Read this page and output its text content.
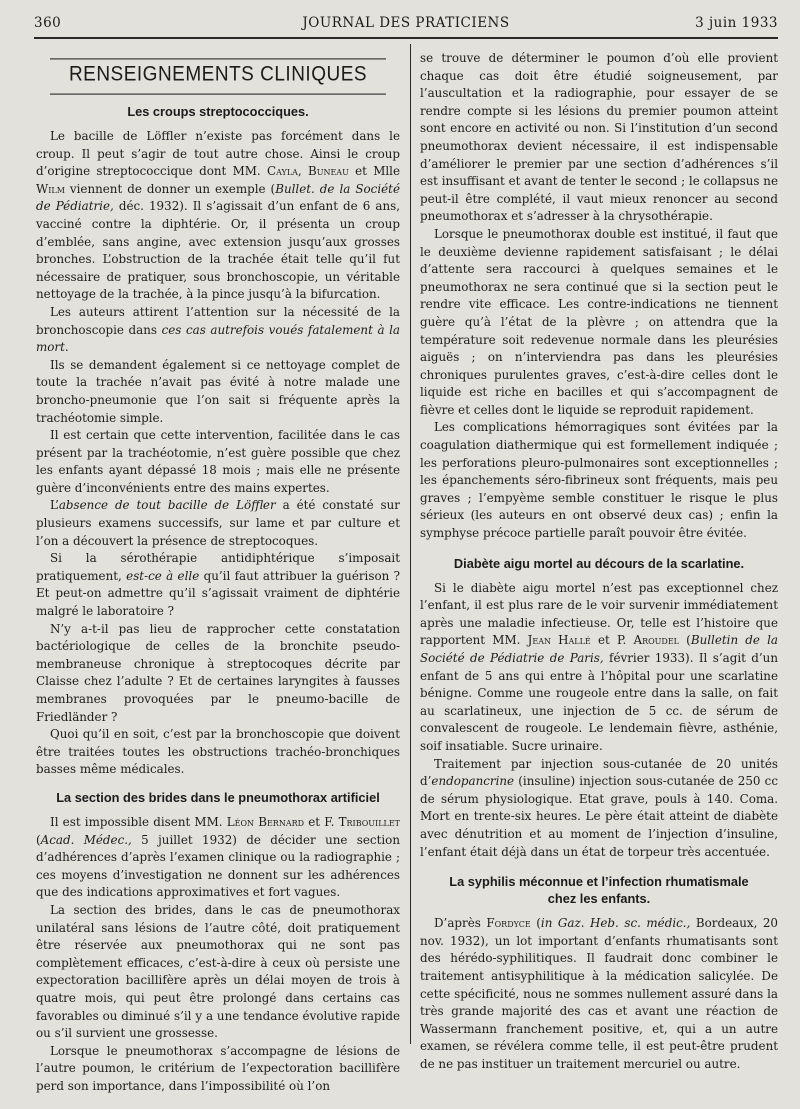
360	JOURNAL DES PRATICIENS	3 juin 1933
RENSEIGNEMENTS CLINIQUES
Les croups streptococciques.

Le bacille de Löffler n’existe pas forcément dans le croup. Il peut s’agir de tout autre chose. Ainsi le croup d’origine streptococcique dont MM. Cayla, Buneau et Mlle Wilm viennent de donner un exemple (Bullet. de la Société de Pédiatrie, déc. 1932). Il s’agissait d’un enfant de 6 ans, vacciné contre la diphtérie. Or, il présenta un croup d’emblée, sans angine, avec extension jusqu’aux grosses bronches. L’obstruction de la trachée était telle qu’il fut nécessaire de pratiquer, sous bronchoscopie, un véritable nettoyage de la trachée, à la pince jusqu’à la bifurcation.

Les auteurs attirent l’attention sur la nécessité de la bronchoscopie dans ces cas autrefois voués fatalement à la mort.

Ils se demandent également si ce nettoyage complet de toute la trachée n’avait pas évité à notre malade une broncho-pneumonie que l’on sait si fréquente après la trachéotomie simple.

Il est certain que cette intervention, facilitée dans le cas présent par la trachéotomie, n’est guère possible que chez les enfants ayant dépassé 18 mois ; mais elle ne présente guère d’inconvénients entre des mains expertes.

L’absence de tout bacille de Löffler a été constaté sur plusieurs examens successifs, sur lame et par culture et l’on a découvert la présence de streptocoques.

Si la sérothérapie antidiphtérique s’imposait pratiquement, est-ce à elle qu’il faut attribuer la guérison ? Et peut-on admettre qu’il s’agissait vraiment de diphtérie malgré le laboratoire ?

N’y a-t-il pas lieu de rapprocher cette constatation bactériologique de celles de la bronchite pseudo-membraneuse chronique à streptocoques décrite par Claisse chez l’adulte ? Et de certaines laryngites à fausses membranes provoquées par le pneumo-bacille de Friedländer ?

Quoi qu’il en soit, c’est par la bronchoscopie que doivent être traitées toutes les obstructions trachéo-bronchiques basses même médicales.

La section des brides dans le pneumothorax artificiel

Il est impossible disent MM. Léon Bernard et F. Tribouillet (Acad. Médec., 5 juillet 1932) de décider une section d’adhérences d’après l’examen clinique ou la radiographie ; ces moyens d’investigation ne donnent sur les adhérences que des indications approximatives et fort vagues.

La section des brides, dans le cas de pneumothorax unilatéral sans lésions de l’autre côté, doit pratiquement être réservée aux pneumothorax qui ne sont pas complètement efficaces, c’est-à-dire à ceux où persiste une expectoration bacillifère après un délai moyen de trois à quatre mois, qui peut être prolongé dans certains cas favorables ou diminué s’il y a une tendance évolutive rapide ou s’il survient une grossesse.

Lorsque le pneumothorax s’accompagne de lésions de l’autre poumon, le critérium de l’expectoration bacillifère perd son importance, dans l’impossibilité où l’on

se trouve de déterminer le poumon d’où elle provient chaque cas doit être étudié soigneusement, par l’auscultation et la radiographie, pour essayer de se rendre compte si les lésions du premier poumon atteint sont encore en activité ou non. Si l’institution d’un second pneumothorax devient nécessaire, il est indispensable d’améliorer le premier par une section d’adhérences s’il est insuffisant et avant de tenter le second ; le collapsus ne peut-il être complété, il vaut mieux renoncer au second pneumothorax et s’adresser à la chrysothérapie.

Lorsque le pneumothorax double est institué, il faut que le deuxième devienne rapidement satisfaisant ; le délai d’attente sera raccourci à quelques semaines et le pneumothorax ne sera continué que si la section peut le rendre vite efficace. Les contre-indications ne tiennent guère qu’à l’état de la plèvre ; on attendra que la température soit redevenue normale dans les pleurésies aiguës ; on n’interviendra pas dans les pleurésies chroniques purulentes graves, c’est-à-dire celles dont le liquide est riche en bacilles et qui s’accompagnent de fièvre et celles dont le liquide se reproduit rapidement.

Les complications hémorragiques sont évitées par la coagulation diathermique qui est formellement indiquée ; les perforations pleuro-pulmonaires sont exceptionnelles ; les épanchements séro-fibrineux sont fréquents, mais peu graves ; l’empyème semble constituer le risque le plus sérieux (les auteurs en ont observé deux cas) ; enfin la symphyse précoce partielle paraît pouvoir être évitée.

Diabète aigu mortel au décours de la scarlatine.

Si le diabète aigu mortel n’est pas exceptionnel chez l’enfant, il est plus rare de le voir survenir immédiatement après une maladie infectieuse. Or, telle est l’histoire que rapportent MM. Jean Hallé et P. Aroudel (Bulletin de la Société de Pédiatrie de Paris, février 1933). Il s’agit d’un enfant de 5 ans qui entre à l’hôpital pour une scarlatine bénigne. Comme une rougeole entre dans la salle, on fait au scarlatineux, une injection de 5 cc. de sérum de convalescent de rougeole. Le lendemain fièvre, asthénie, soif insatiable. Sucre urinaire.

Traitement par injection sous-cutanée de 20 unités d’endopancrine (insuline) injection sous-cutanée de 250 cc de sérum physiologique. Etat grave, pouls à 140. Coma. Mort en trente-six heures. Le père était atteint de diabète avec dénutrition et au moment de l’injection d’insuline, l’enfant était déjà dans un état de torpeur très accentuée.

La syphilis méconnue et l’infection rhumatismale
chez les enfants.

D’après Fordyce (in Gaz. Heb. sc. médic., Bordeaux, 20 nov. 1932), un lot important d’enfants rhumatisants sont des hérédo-syphilitiques. Il faudrait donc combiner le traitement antisyphilitique à la médication salicylée. De cette spécificité, nous ne sommes nullement assuré dans la très grande majorité des cas et avant une réaction de Wassermann franchement positive, et, qui a un autre examen, se révélera comme telle, il est peut-être prudent de ne pas instituer un traitement mercuriel ou autre.
